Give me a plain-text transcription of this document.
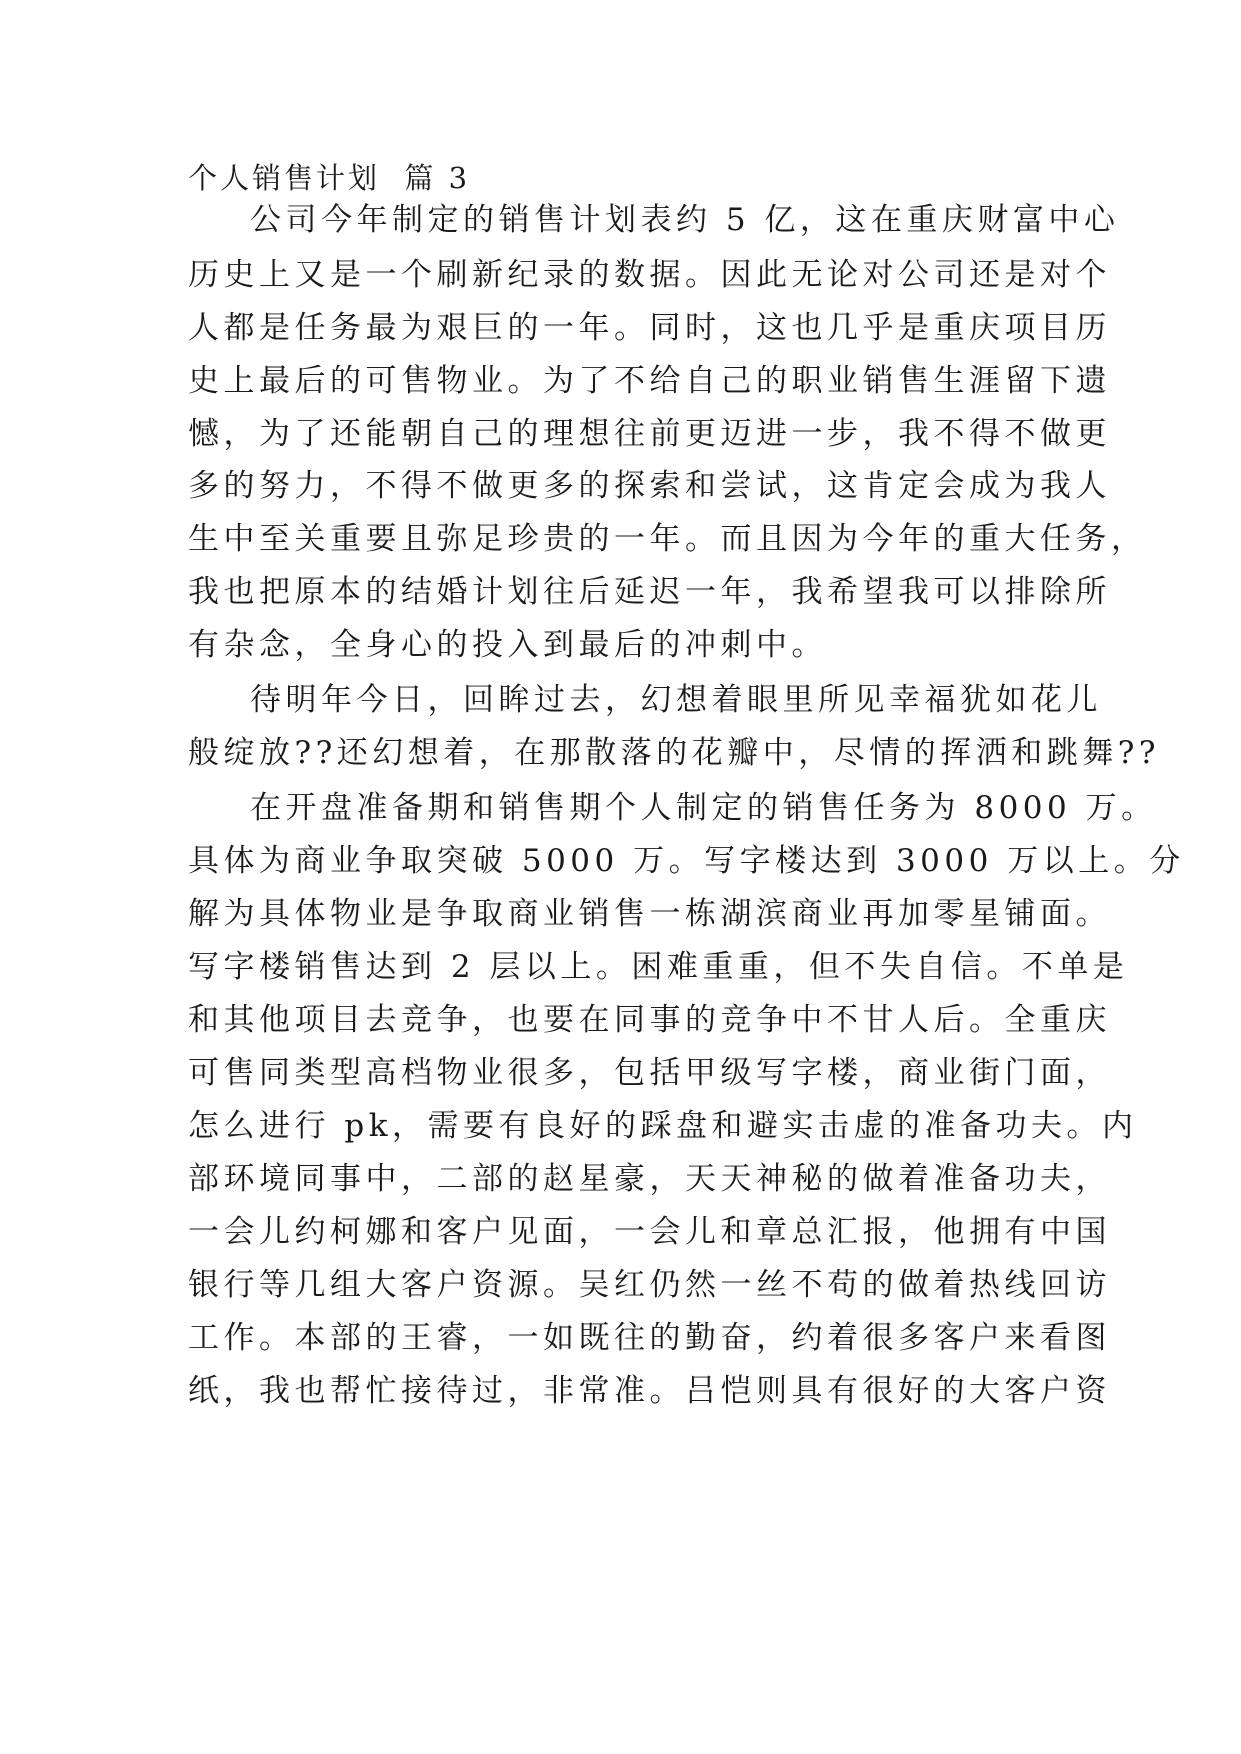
个人销售计划  篇 3

公司今年制定的销售计划表约 5 亿，这在重庆财富中心

历史上又是一个刷新纪录的数据。因此无论对公司还是对个

人都是任务最为艰巨的一年。同时，这也几乎是重庆项目历

史上最后的可售物业。为了不给自己的职业销售生涯留下遗

憾，为了还能朝自己的理想往前更迈进一步，我不得不做更

多的努力，不得不做更多的探索和尝试，这肯定会成为我人

生中至关重要且弥足珍贵的一年。而且因为今年的重大任务，

我也把原本的结婚计划往后延迟一年，我希望我可以排除所

有杂念，全身心的投入到最后的冲刺中。

待明年今日，回眸过去，幻想着眼里所见幸福犹如花儿

般绽放??还幻想着，在那散落的花瓣中，尽情的挥洒和跳舞??

在开盘准备期和销售期个人制定的销售任务为 8000 万。

具体为商业争取突破 5000 万。写字楼达到 3000 万以上。分

解为具体物业是争取商业销售一栋湖滨商业再加零星铺面。

写字楼销售达到 2 层以上。困难重重，但不失自信。不单是

和其他项目去竞争，也要在同事的竞争中不甘人后。全重庆

可售同类型高档物业很多，包括甲级写字楼，商业街门面，

怎么进行 pk，需要有良好的踩盘和避实击虚的准备功夫。内

部环境同事中，二部的赵星豪，天天神秘的做着准备功夫，

一会儿约柯娜和客户见面，一会儿和章总汇报，他拥有中国

银行等几组大客户资源。吴红仍然一丝不苟的做着热线回访

工作。本部的王睿，一如既往的勤奋，约着很多客户来看图

纸，我也帮忙接待过，非常准。吕恺则具有很好的大客户资
